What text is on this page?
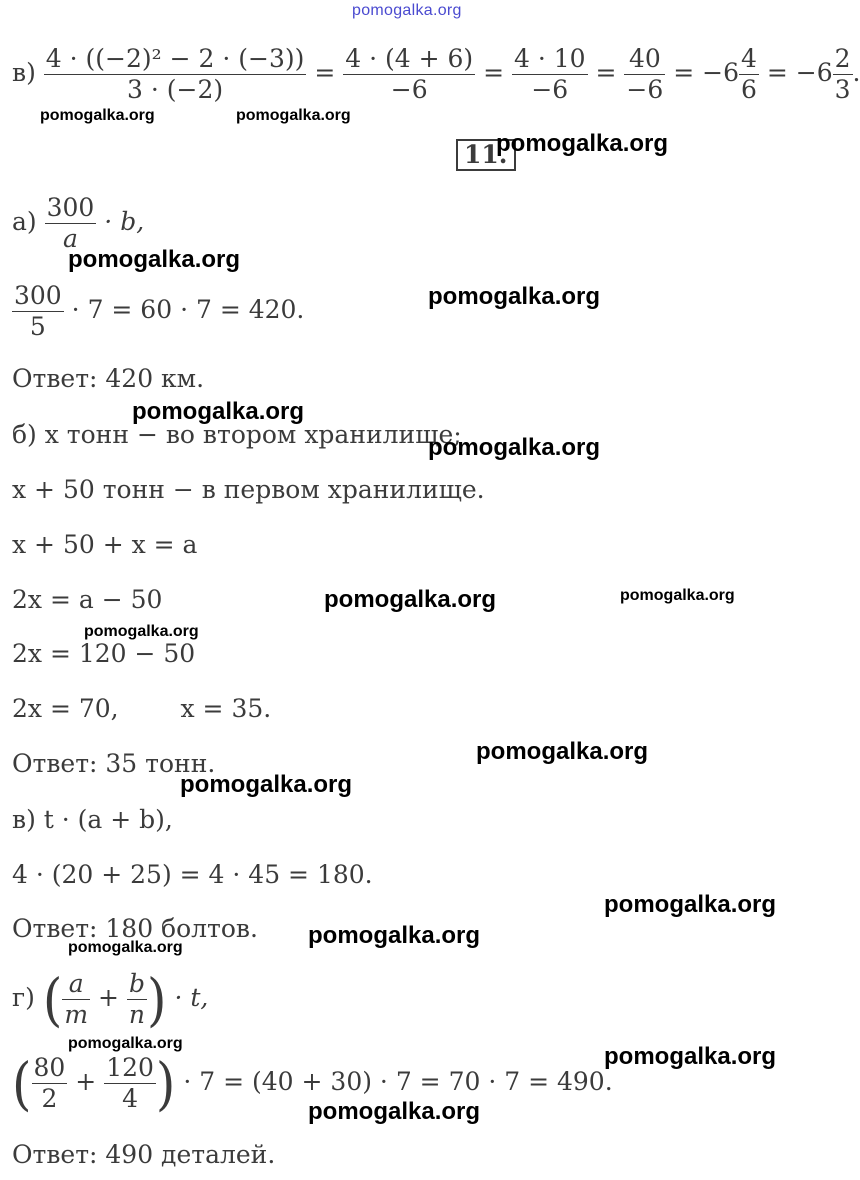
pomogalka.org
$в) \frac{\text{4 · ((−2)² − 2 · (−3))}}{3 \cdot (-2)} = \frac{4 \cdot (4 + 6)}{-6} = \frac{4 \cdot 10}{-6} = \frac{40}{-6} = -6 \frac{4}{6} = -6 \frac{2}{3}$ .
11.
$а) \frac{300}{a} \cdot b$,
$\frac{300}{5} \cdot 7 = 60 \cdot 7 = 420$.
Ответ: 420 км.
б) x тонн − во втором хранилище;
x + 50 тонн − в первом хранилище.
x + 50 + x = a
2x = a − 50
2x = 120 − 50
2x = 70, x = 35.
Ответ: 35 тонн.
в) t · (a + b),
4 · (20 + 25) = 4 · 45 = 180.
Ответ: 180 болтов.
г) ( $\frac{a}{m} + \frac{b}{n}$ ) · t,
( $\frac{80}{2} + \frac{120}{4}$ ) · 7 = (40 + 30) · 7 = 70 · 7 = 490.
Ответ: 490 деталей.
pomogalka.org	pomogalka.org
pomogalka.org
pomogalka.org
pomogalka.org
pomogalka.org
pomogalka.org
pomogalka.org	pomogalka.org
pomogalka.org
pomogalka.org
pomogalka.org
pomogalka.org
pomogalka.org
pomogalka.org
pomogalka.org	pomogalka.org
pomogalka.org
